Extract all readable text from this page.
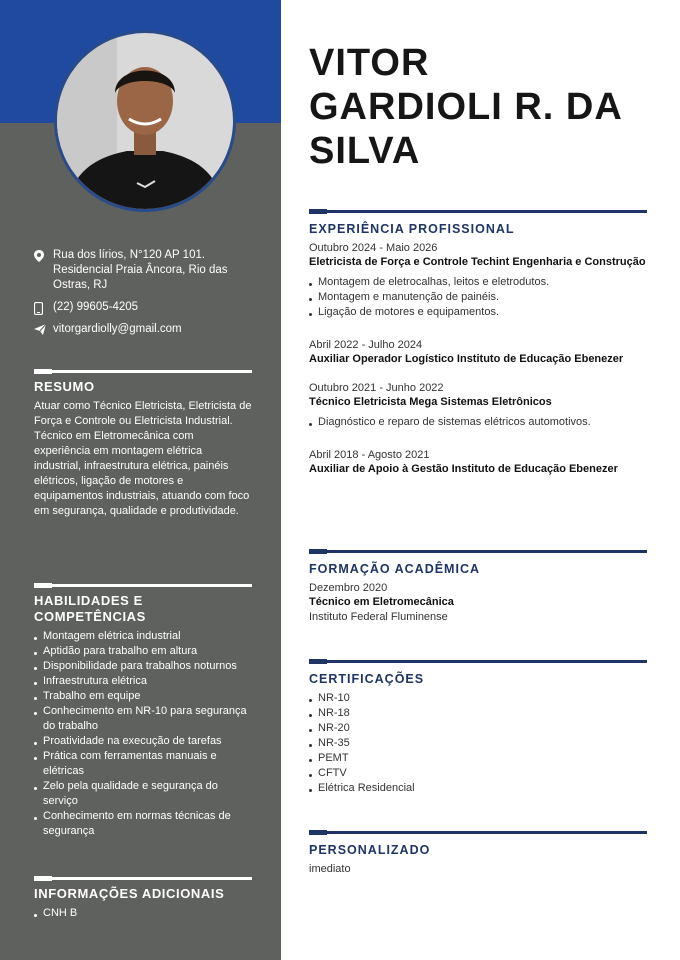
Rua dos lírios, N°120 AP 101. Residencial Praia Âncora, Rio das Ostras, RJ
(22) 99605-4205
vitorgardiolly@gmail.com
RESUMO
Atuar como Técnico Eletricista, Eletricista de Força e Controle ou Eletricista Industrial.
Técnico em Eletromecânica com experiência em montagem elétrica industrial, infraestrutura elétrica, painéis elétricos, ligação de motores e equipamentos industriais, atuando com foco em segurança, qualidade e produtividade.
HABILIDADES E COMPETÊNCIAS
Montagem elétrica industrial
Aptidão para trabalho em altura
Disponibilidade para trabalhos noturnos
Infraestrutura elétrica
Trabalho em equipe
Conhecimento em NR-10 para segurança do trabalho
Proatividade na execução de tarefas
Prática com ferramentas manuais e elétricas
Zelo pela qualidade e segurança do serviço
Conhecimento em normas técnicas de segurança
INFORMAÇÕES ADICIONAIS
CNH B
VITOR
GARDIOLI R. DA
SILVA
EXPERIÊNCIA PROFISSIONAL
Outubro 2024 - Maio 2026
Eletricista de Força e Controle Techint Engenharia e Construção
Montagem de eletrocalhas, leitos e eletrodutos.
Montagem e manutenção de painéis.
Ligação de motores e equipamentos.
Abril 2022 - Julho 2024
Auxiliar Operador Logístico Instituto de Educação Ebenezer
Outubro 2021 - Junho 2022
Técnico Eletricista Mega Sistemas Eletrônicos
Diagnóstico e reparo de sistemas elétricos automotivos.
Abril 2018 - Agosto 2021
Auxiliar de Apoio à Gestão Instituto de Educação Ebenezer
FORMAÇÃO ACADÊMICA
Dezembro 2020
Técnico em Eletromecânica
Instituto Federal Fluminense
CERTIFICAÇÕES
NR-10
NR-18
NR-20
NR-35
PEMT
CFTV
Elétrica Residencial
PERSONALIZADO
imediato
